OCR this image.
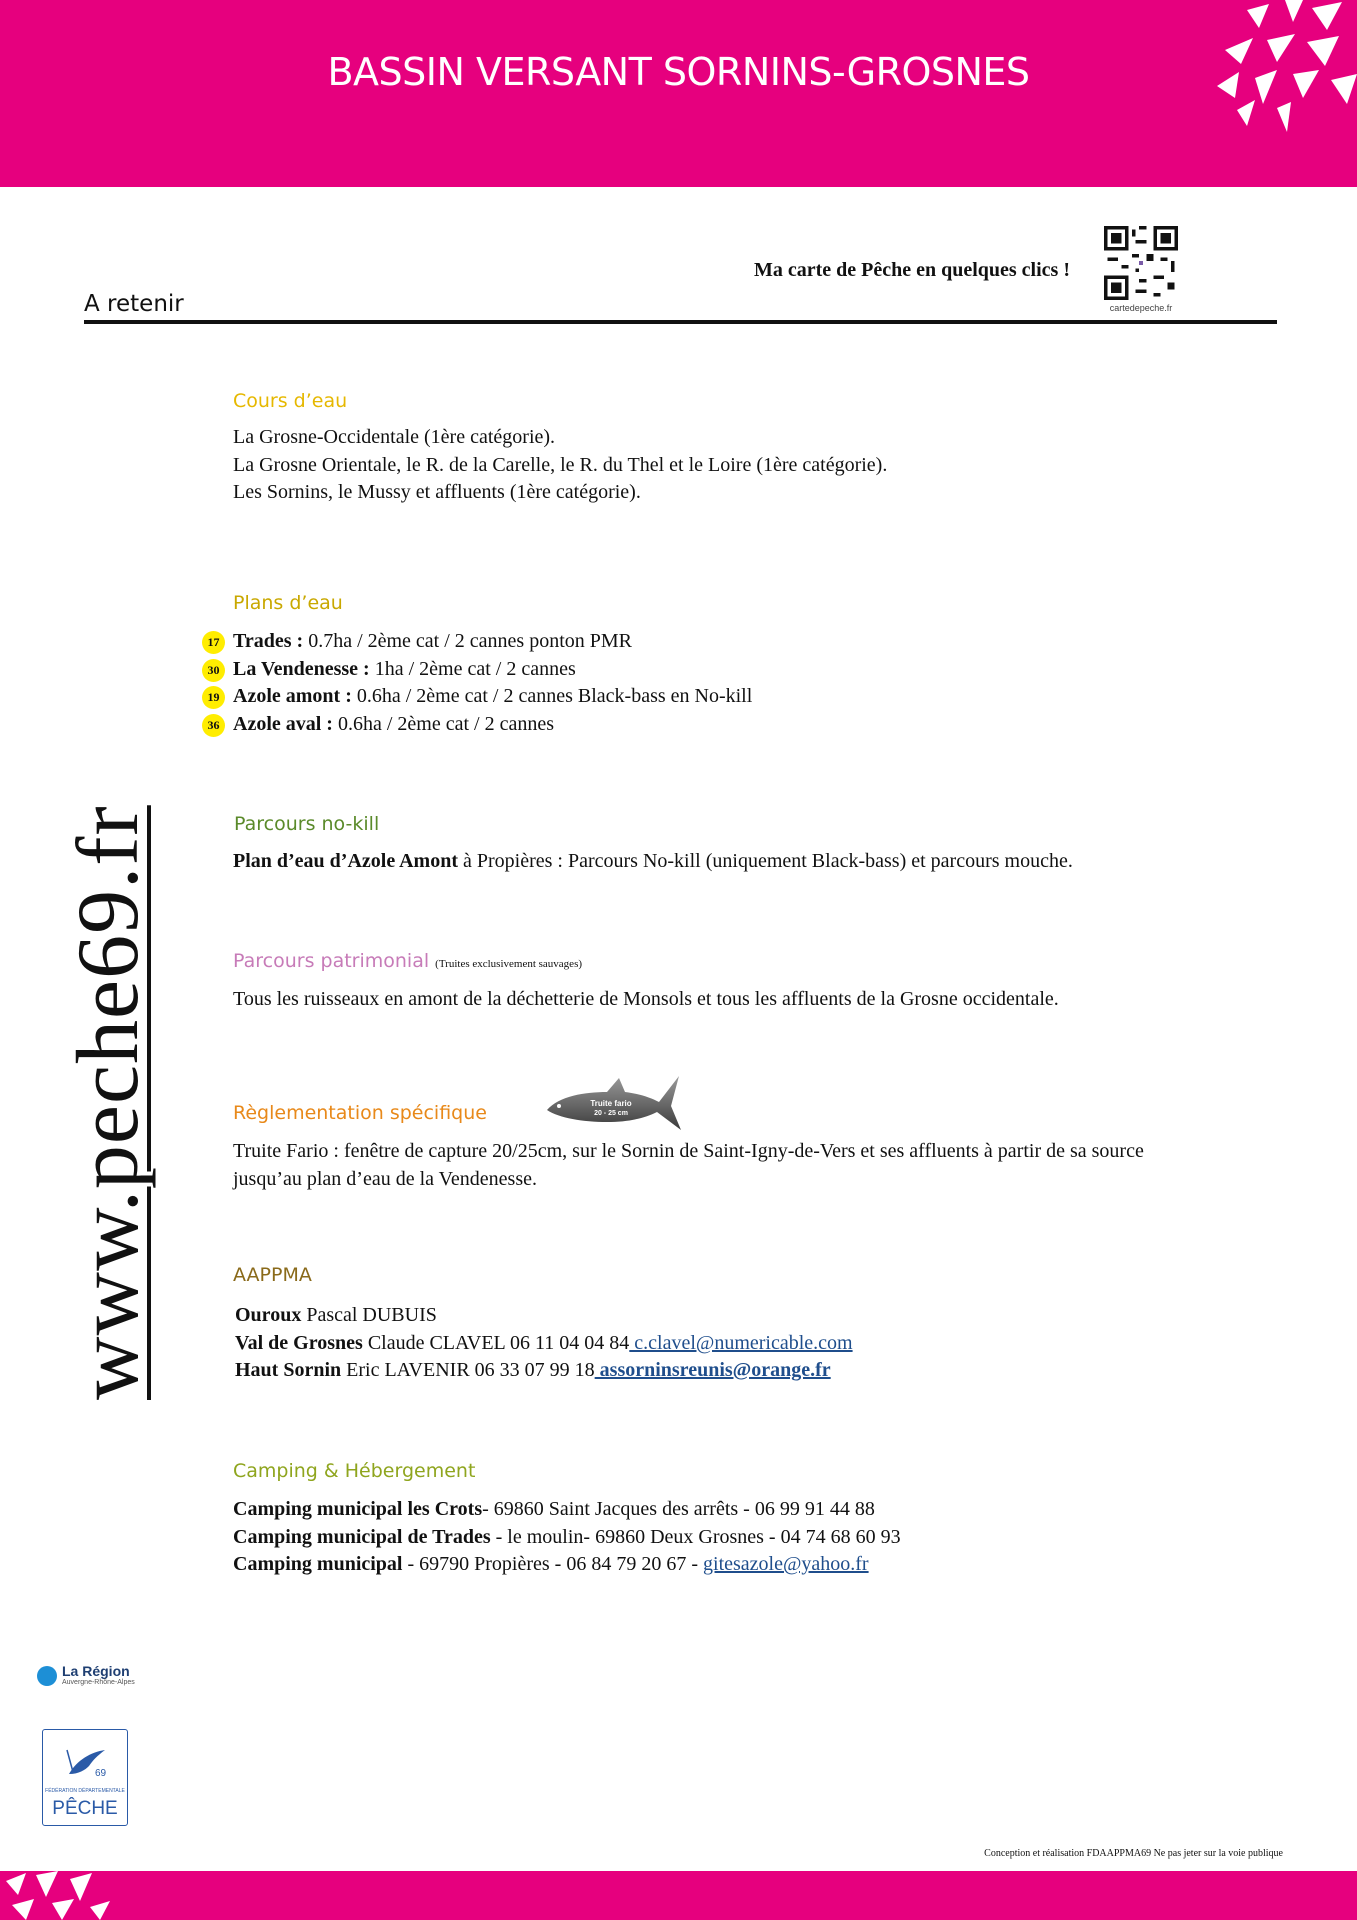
BASSIN VERSANT SORNINS-GROSNES
Ma carte de Pêche en quelques clics !
cartedepeche.fr
A retenir
www.peche69.fr
Cours d’eau
La Grosne-Occidentale (1ère catégorie).
La Grosne Orientale, le R. de la Carelle, le R. du Thel et le Loire (1ère catégorie).
Les Sornins, le Mussy et affluents (1ère catégorie).
Plans d’eau
17 Trades : 0.7ha / 2ème cat / 2 cannes ponton PMR
30 La Vendenesse : 1ha / 2ème cat / 2 cannes
19 Azole amont : 0.6ha / 2ème cat / 2 cannes Black-bass en No-kill
36 Azole aval : 0.6ha / 2ème cat / 2 cannes
Parcours no-kill
Plan d’eau d’Azole Amont à Propières : Parcours No-kill (uniquement Black-bass) et parcours mouche.
Parcours patrimonial (Truites exclusivement sauvages)
Tous les ruisseaux en amont de la déchetterie de Monsols et tous les affluents de la Grosne occidentale.
Règlementation spécifique	Truite fario
20 - 25 cm
Truite Fario : fenêtre de capture 20/25cm, sur le Sornin de Saint-Igny-de-Vers et ses affluents à partir de sa source
jusqu’au plan d’eau de la Vendenesse.
AAPPMA
Ouroux Pascal DUBUIS
Val de Grosnes Claude CLAVEL 06 11 04 04 84 c.clavel@numericable.com
Haut Sornin Eric LAVENIR 06 33 07 99 18 assorninsreunis@orange.fr
Camping & Hébergement
Camping municipal les Crots- 69860 Saint Jacques des arrêts - 06 99 91 44 88
Camping municipal de Trades - le moulin- 69860 Deux Grosnes - 04 74 68 60 93
Camping municipal - 69790 Propières - 06 84 79 20 67 - gitesazole@yahoo.fr
La Région
Auvergne-Rhône-Alpes
69
FÉDÉRATION DÉPARTEMENTALE
PÊCHE
Conception et réalisation FDAAPPMA69 Ne pas jeter sur la voie publique
